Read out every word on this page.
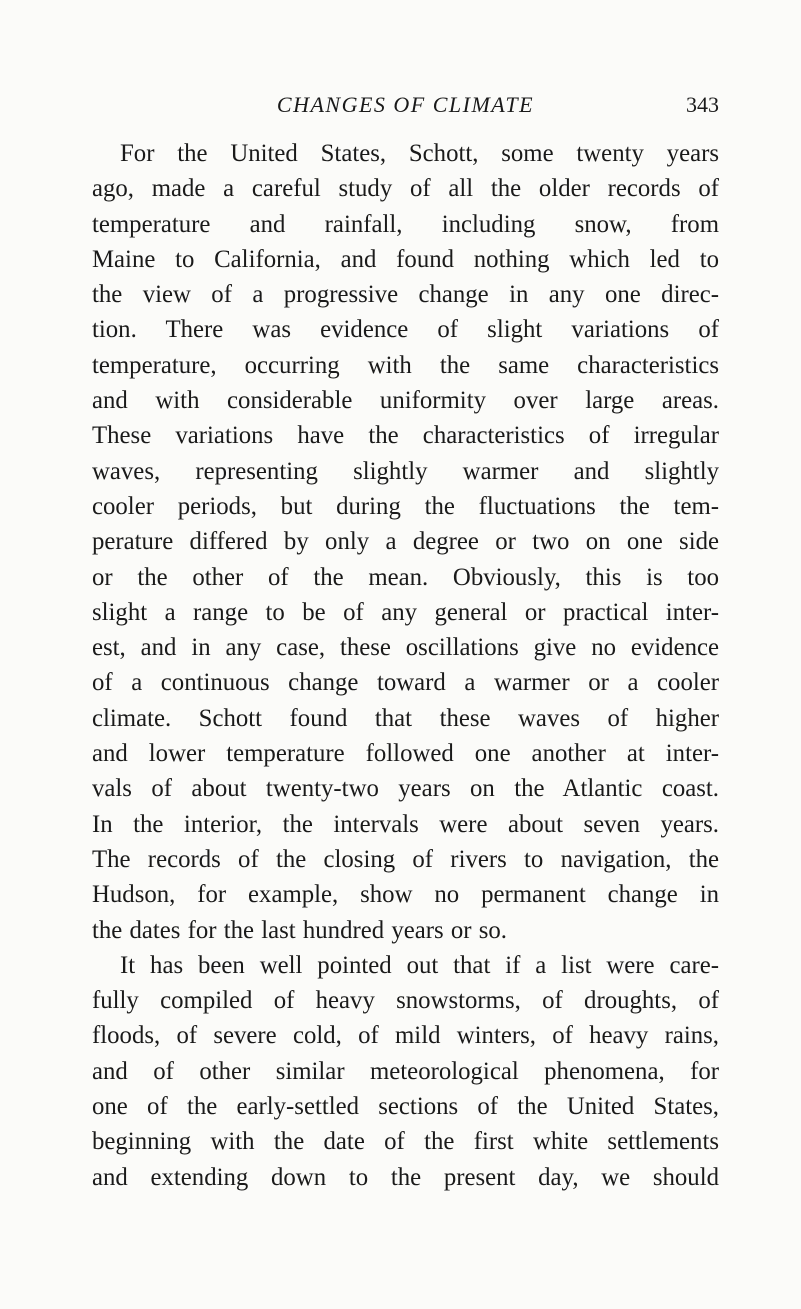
CHANGES OF CLIMATE	343
For the United States, Schott, some twenty years
ago, made a careful study of all the older records of
temperature and rainfall, including snow, from
Maine to California, and found nothing which led to
the view of a progressive change in any one direc-
tion. There was evidence of slight variations of
temperature, occurring with the same characteristics
and with considerable uniformity over large areas.
These variations have the characteristics of irregular
waves, representing slightly warmer and slightly
cooler periods, but during the fluctuations the tem-
perature differed by only a degree or two on one side
or the other of the mean. Obviously, this is too
slight a range to be of any general or practical inter-
est, and in any case, these oscillations give no evidence
of a continuous change toward a warmer or a cooler
climate. Schott found that these waves of higher
and lower temperature followed one another at inter-
vals of about twenty-two years on the Atlantic coast.
In the interior, the intervals were about seven years.
The records of the closing of rivers to navigation, the
Hudson, for example, show no permanent change in
the dates for the last hundred years or so.
It has been well pointed out that if a list were care-
fully compiled of heavy snowstorms, of droughts, of
floods, of severe cold, of mild winters, of heavy rains,
and of other similar meteorological phenomena, for
one of the early-settled sections of the United States,
beginning with the date of the first white settlements
and extending down to the present day, we should
